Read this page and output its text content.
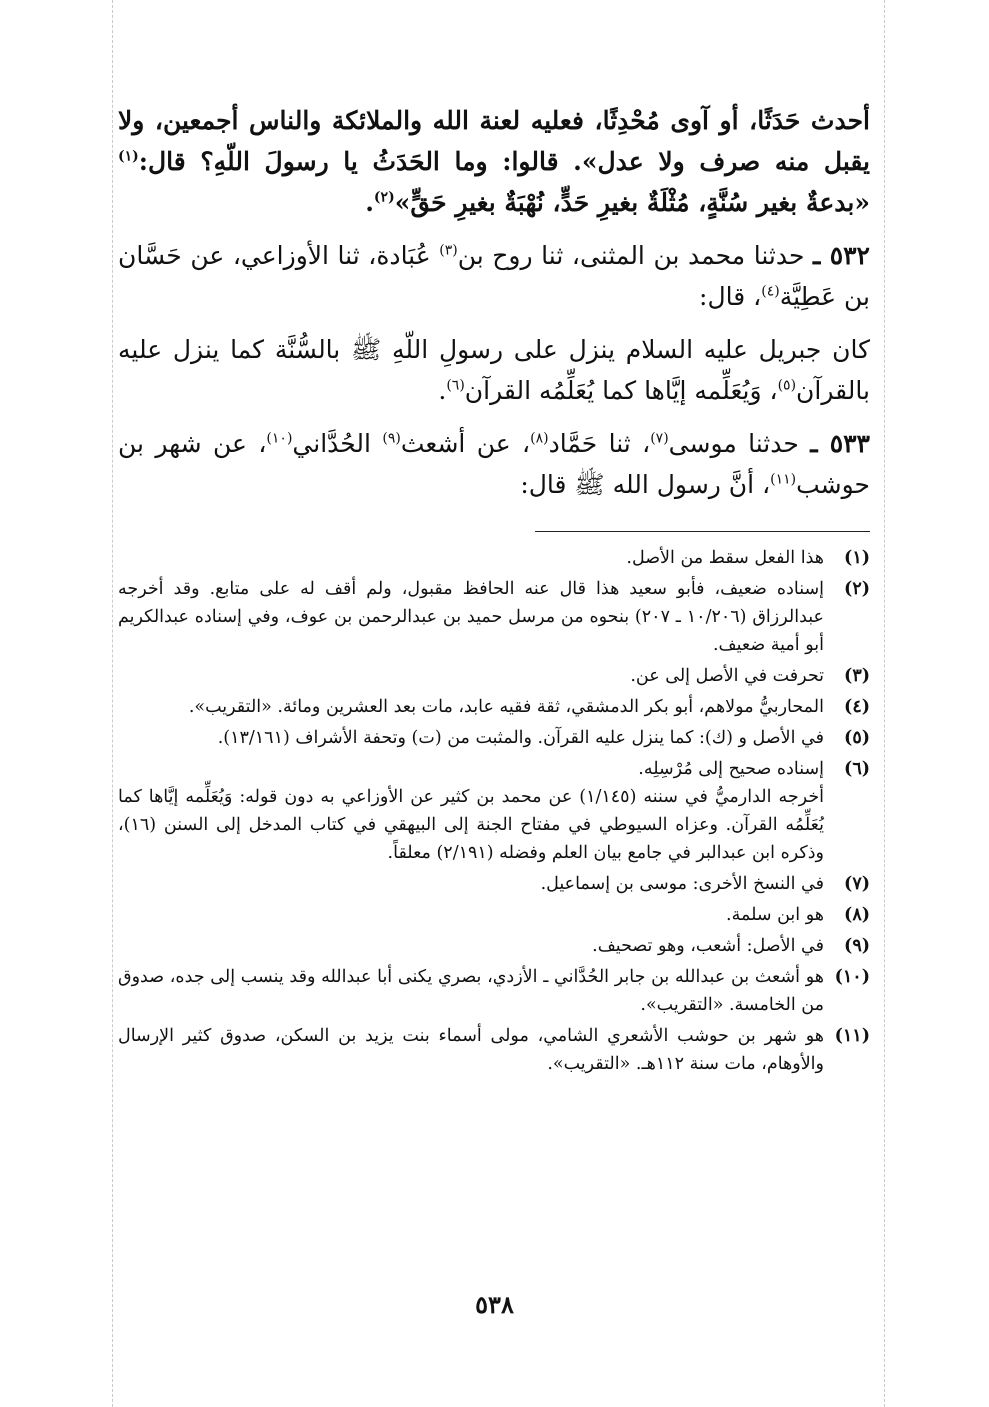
أحدث حَدَثًا، أو آوى مُحْدِثًا، فعليه لعنة الله والملائكة والناس أجمعين، ولا يقبل منه صرف ولا عدل». قالوا: وما الحَدَثُ يا رسولَ اللّهِ؟ قال:$^{(١)}$ «بدعةٌ بغير سُنَّةٍ، مُثْلَةٌ بغيرِ حَدٍّ، نُهْبَةٌ بغيرِ حَقٍّ»$^{(٢)}$.

٥٣٢ ـ حدثنا محمد بن المثنى، ثنا روح بن$^{(٣)}$ عُبَادة، ثنا الأوزاعي، عن حَسَّان بن عَطِيَّة$^{(٤)}$، قال:

كان جبريل عليه السلام ينزل على رسولِ اللّهِ ﷺ بالسُّنَّة كما ينزل عليه بالقرآن$^{(٥)}$، وَيُعَلِّمه إيَّاها كما يُعَلِّمُه القرآن$^{(٦)}$.

٥٣٣ ـ حدثنا موسى$^{(٧)}$، ثنا حَمَّاد$^{(٨)}$، عن أشعث$^{(٩)}$ الحُدَّاني$^{(١٠)}$، عن شهر بن حوشب$^{(١١)}$، أنَّ رسول الله ﷺ قال:

(١)
هذا الفعل سقط من الأصل.
(٢)
إسناده ضعيف، فأبو سعيد هذا قال عنه الحافظ مقبول، ولم أقف له على متابع. وقد أخرجه عبدالرزاق (١٠/٢٠٦ ـ ٢٠٧) بنحوه من مرسل حميد بن عبدالرحمن بن عوف، وفي إسناده عبدالكريم أبو أمية ضعيف.
(٣)
تحرفت في الأصل إلى عن.
(٤)
المحاربيُّ مولاهم، أبو بكر الدمشقي، ثقة فقيه عابد، مات بعد العشرين ومائة. «التقريب».
(٥)
في الأصل و (ك): كما ينزل عليه القرآن. والمثبت من (ت) وتحفة الأشراف (١٣/١٦١).
(٦)
إسناده صحيح إلى مُرْسِلِه.
أخرجه الدارميُّ في سننه (١/١٤٥) عن محمد بن كثير عن الأوزاعي به دون قوله: وَيُعَلِّمه إيَّاها كما يُعَلِّمُه القرآن. وعزاه السيوطي في مفتاح الجنة إلى البيهقي في كتاب المدخل إلى السنن (١٦)، وذكره ابن عبدالبر في جامع بيان العلم وفضله (٢/١٩١) معلقاً.
(٧)
في النسخ الأخرى: موسى بن إسماعيل.
(٨)
هو ابن سلمة.
(٩)
في الأصل: أشعب، وهو تصحيف.
(١٠)
هو أشعث بن عبدالله بن جابر الحُدَّاني ـ الأزدي، بصري يكنى أبا عبدالله وقد ينسب إلى جده، صدوق من الخامسة. «التقريب».
(١١)
هو شهر بن حوشب الأشعري الشامي، مولى أسماء بنت يزيد بن السكن، صدوق كثير الإرسال والأوهام، مات سنة ١١٢هـ. «التقريب».
٥٣٨
